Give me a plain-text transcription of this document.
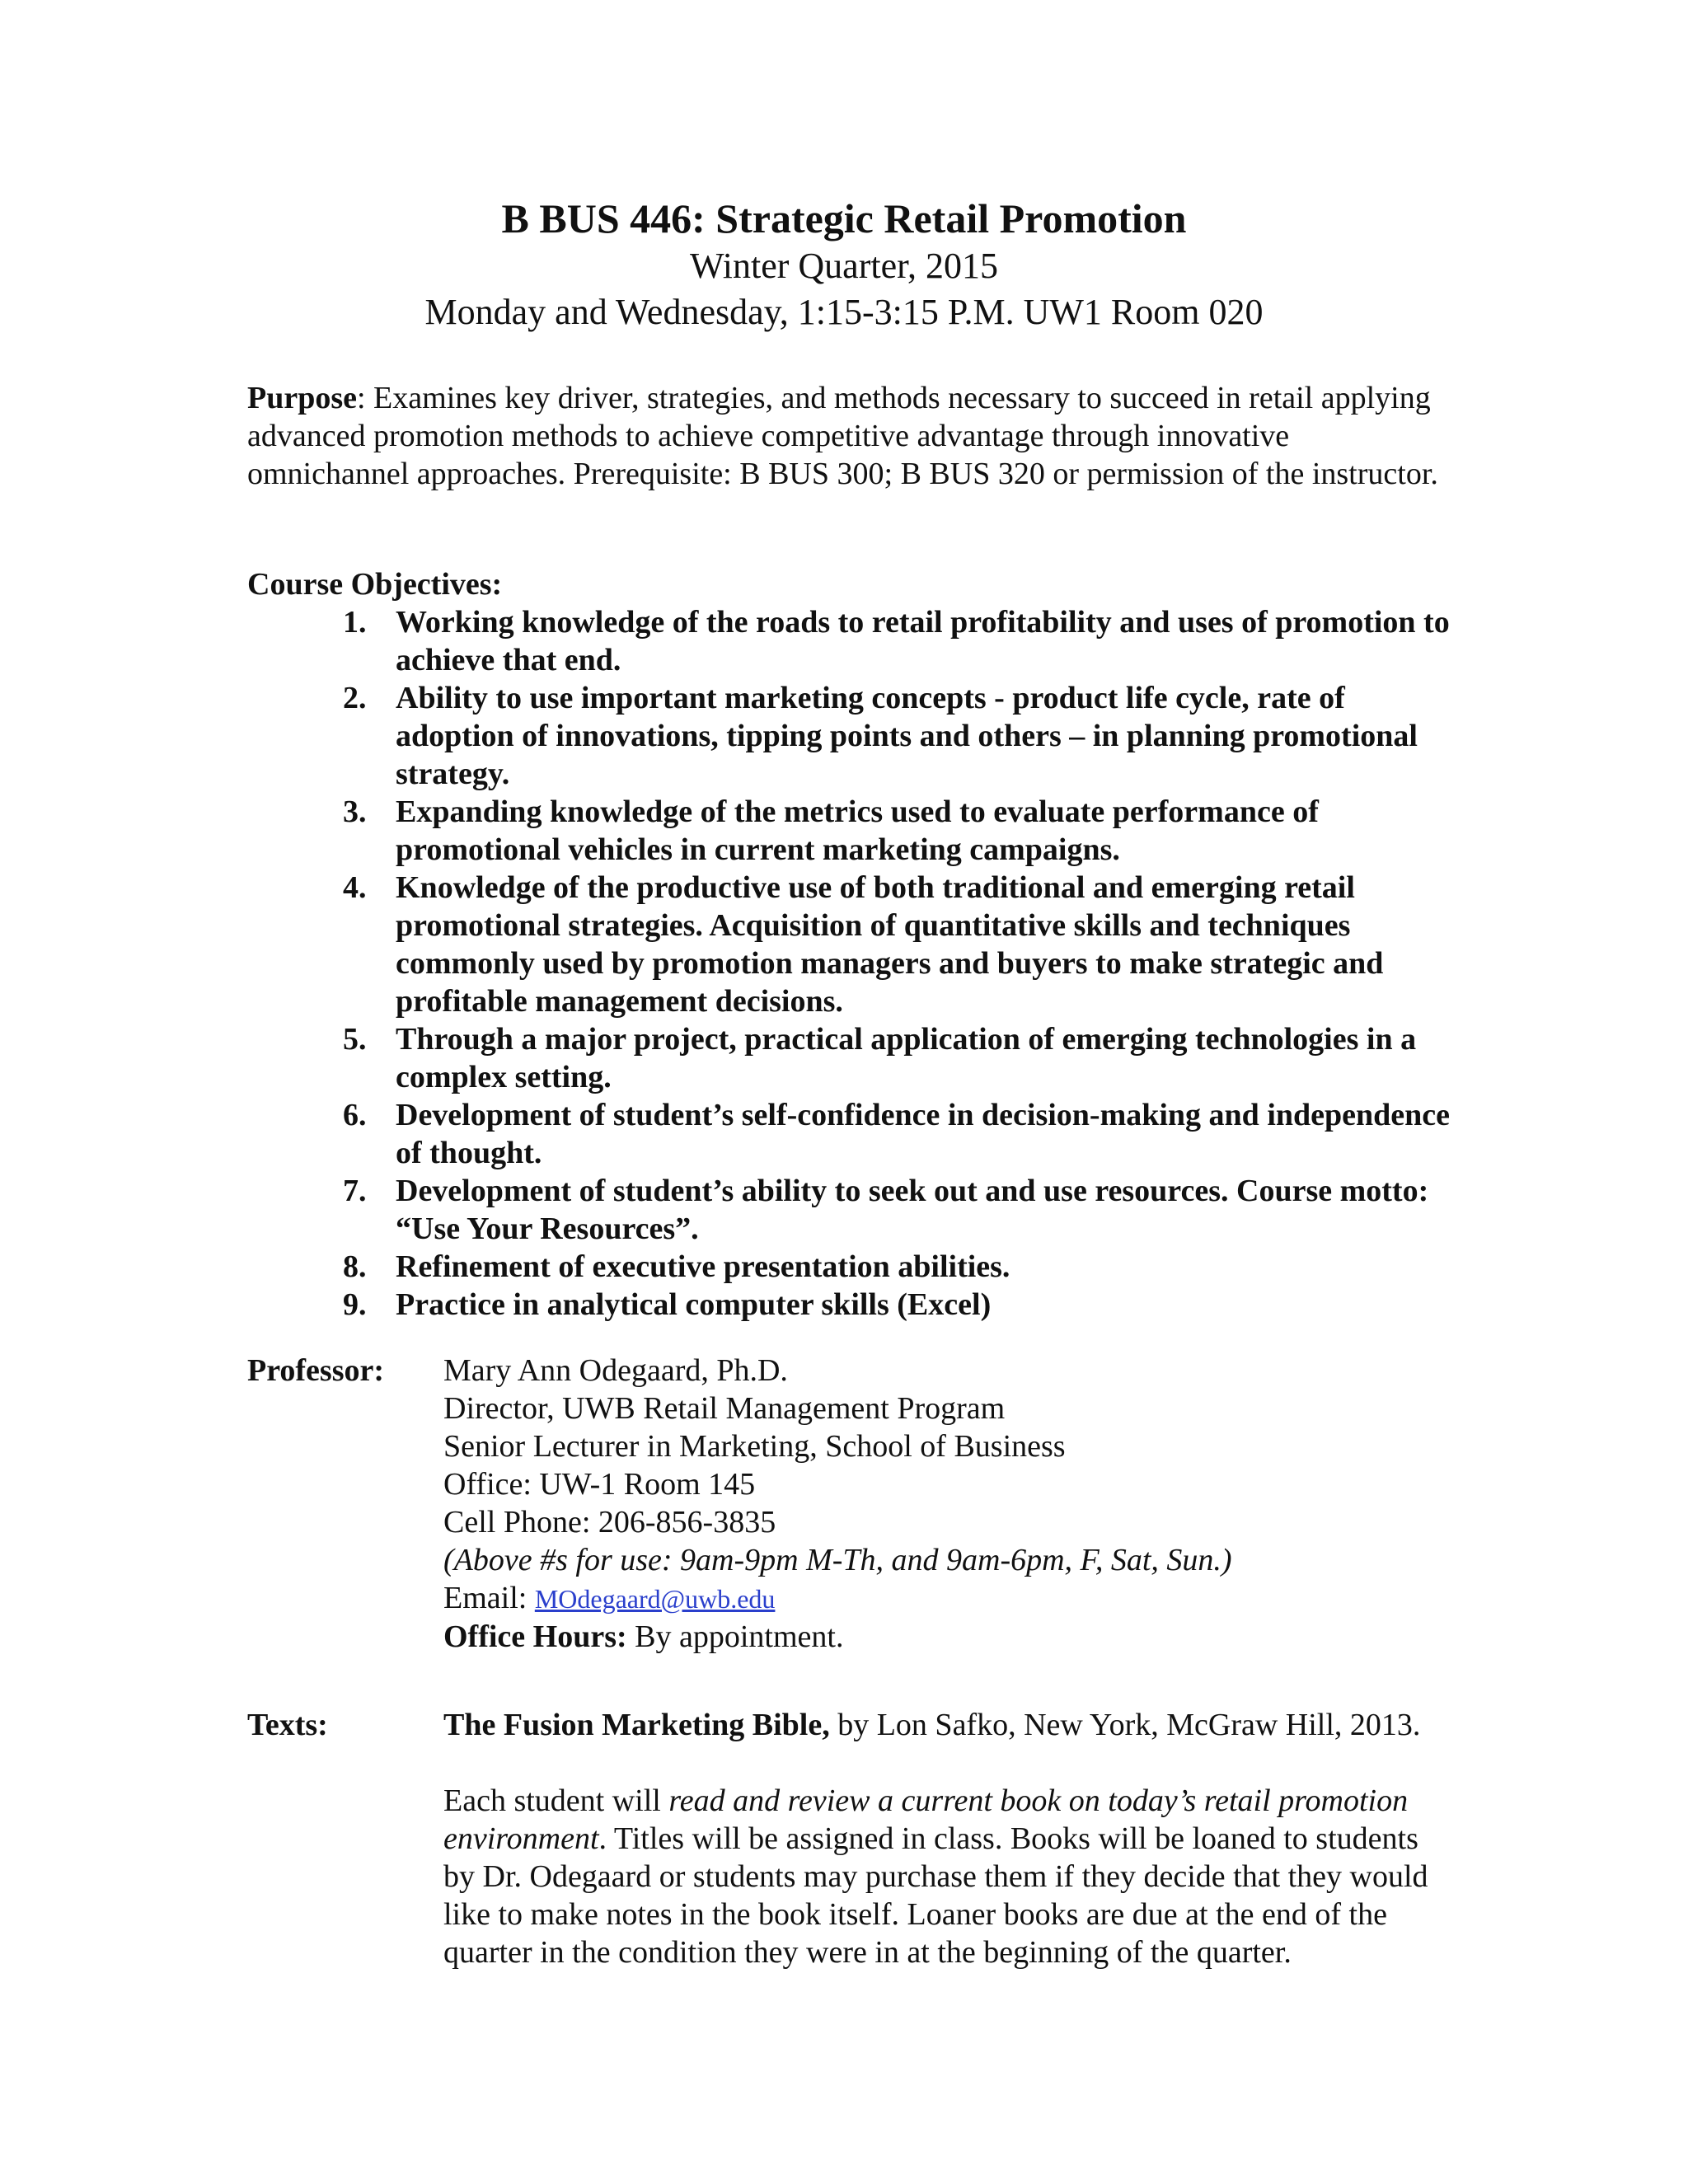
B BUS 446: Strategic Retail Promotion

Winter Quarter, 2015

Monday and Wednesday, 1:15-3:15 P.M. UW1 Room 020

Purpose: Examines key driver, strategies, and methods necessary to succeed in retail applying advanced promotion methods to achieve competitive advantage through innovative omnichannel approaches. Prerequisite: B BUS 300; B BUS 320 or permission of the instructor.

Course Objectives:

1. Working knowledge of the roads to retail profitability and uses of promotion to achieve that end.
2. Ability to use important marketing concepts - product life cycle, rate of adoption of innovations, tipping points and others – in planning promotional strategy.
3. Expanding knowledge of the metrics used to evaluate performance of promotional vehicles in current marketing campaigns.
4. Knowledge of the productive use of both traditional and emerging retail promotional strategies. Acquisition of quantitative skills and techniques commonly used by promotion managers and buyers to make strategic and profitable management decisions.
5. Through a major project, practical application of emerging technologies in a complex setting.
6. Development of student’s self-confidence in decision-making and independence of thought.
7. Development of student’s ability to seek out and use resources. Course motto: “Use Your Resources”.
8. Refinement of executive presentation abilities.
9. Practice in analytical computer skills (Excel)
Professor: Mary Ann Odegaard, Ph.D.
Director, UWB Retail Management Program
Senior Lecturer in Marketing, School of Business
Office: UW-1 Room 145
Cell Phone: 206-856-3835
(Above #s for use: 9am-9pm M-Th, and 9am-6pm, F, Sat, Sun.)
Email: MOdegaard@uwb.edu
Office Hours: By appointment.
Texts:	The Fusion Marketing Bible, by Lon Safko, New York, McGraw Hill, 2013.

Each student will read and review a current book on today’s retail promotion environment. Titles will be assigned in class. Books will be loaned to students by Dr. Odegaard or students may purchase them if they decide that they would like to make notes in the book itself. Loaner books are due at the end of the quarter in the condition they were in at the beginning of the quarter.
